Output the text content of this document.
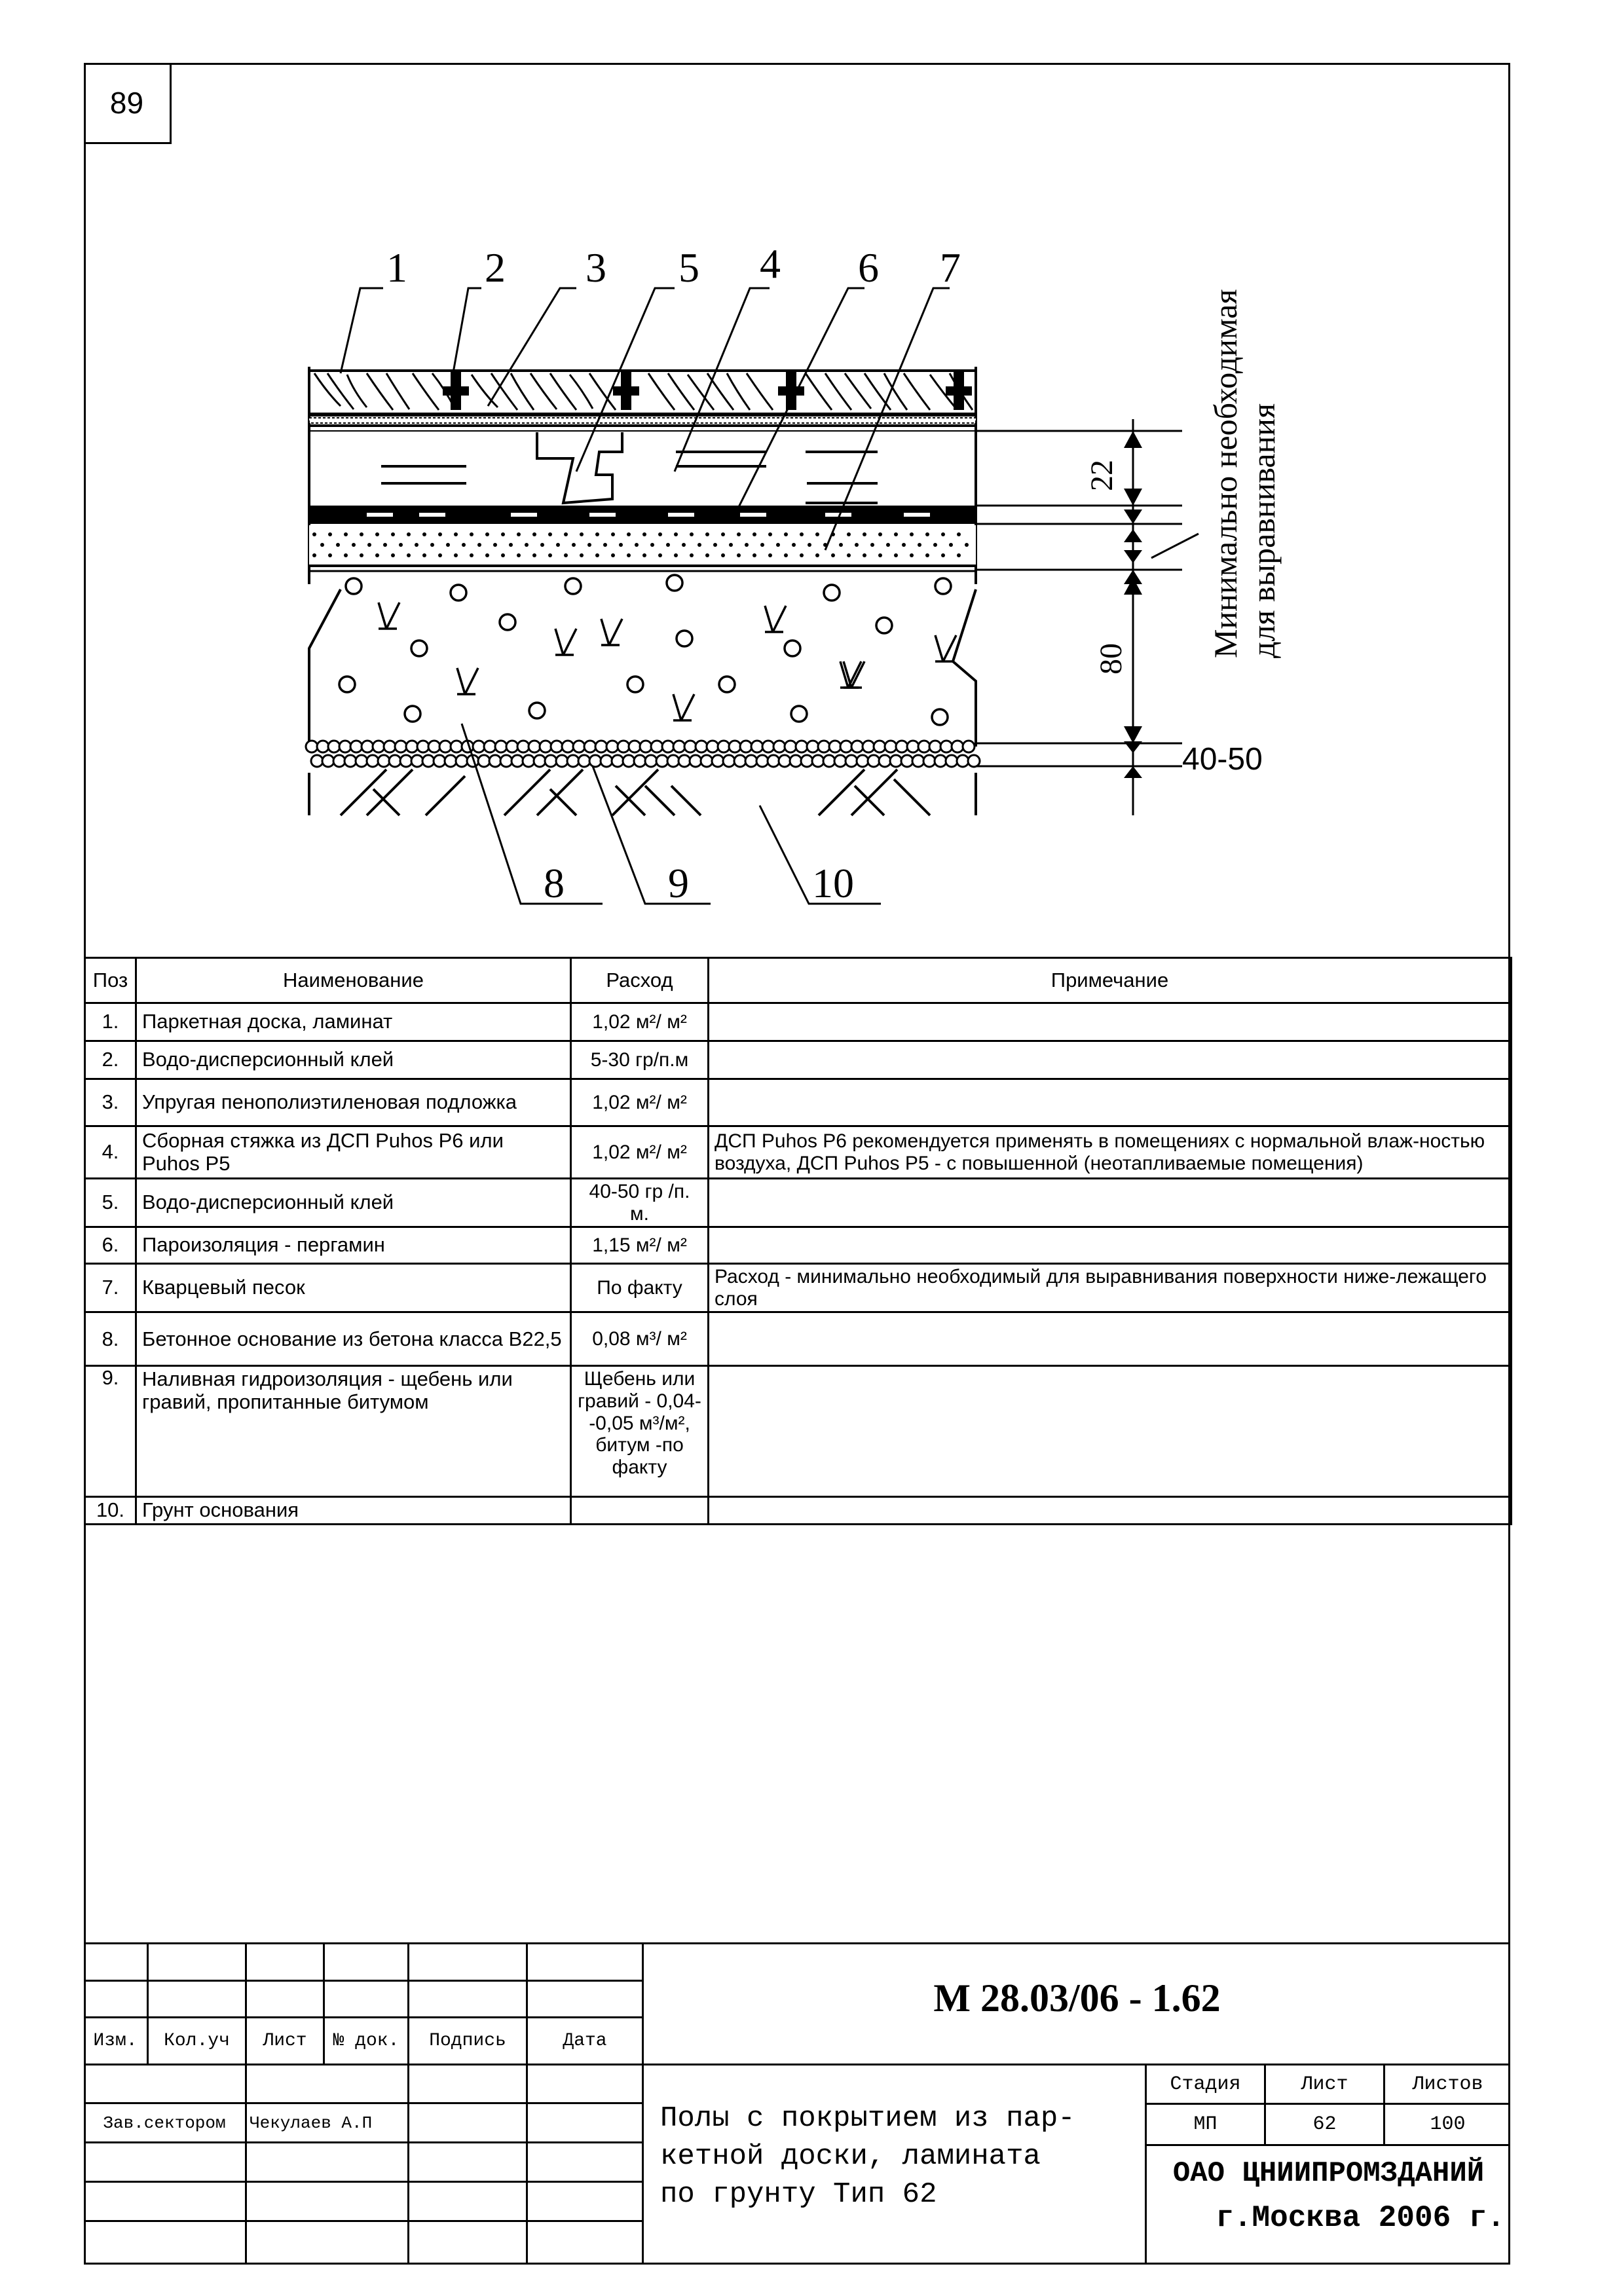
89
1 2 3 5 4 6 7
8 9	10
22
80
40-50
Минимально необходимая для выравнивания
Поз	Наименование	Расход	Примечание
1.	Паркетная доска, ламинат	1,02 м²/ м²	
2.	Водо-дисперсионный клей	5-30 гр/п.м	
3.	Упругая пенополиэтиленовая подложка	1,02 м²/ м²	
4.	Сборная стяжка из ДСП Puhos P6 или Puhos P5	1,02 м²/ м²	ДСП Puhos P6 рекомендуется применять в помещениях с нормальной влаж-ностью воздуха, ДСП Puhos P5 - с повышенной (неотапливаемые помещения)
5.	Водо-дисперсионный клей	40-50 гр /п. м.	
6.	Пароизоляция - пергамин	1,15 м²/ м²	
7.	Кварцевый песок	По факту	Расход - минимально необходимый для выравнивания поверхности ниже-лежащего слоя
8.	Бетонное основание из бетона класса В22,5	0,08 м³/ м²	
9.	Наливная гидроизоляция - щебень или гравий, пропитанные битумом	Щебень или гравий - 0,04- -0,05 м³/м², битум -по факту	
10.	Грунт основания		
Изм.	Кол.уч	Лист	№ док.	Подпись	Дата
М 28.03/06 - 1.62
Зав.сектором	Чекулаев А.П	Полы с покрытием из пар-
кетной доски, ламината
по грунту Тип 62
Стадия	Лист	Листов
МП	62	100
ОАО ЦНИИПРОМЗДАНИЙ
г.Москва 2006 г.
